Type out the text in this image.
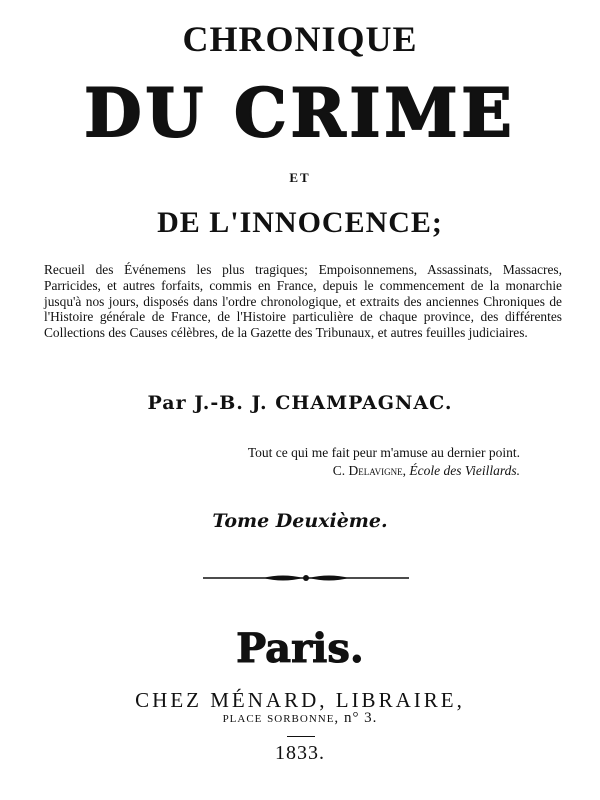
CHRONIQUE
DU CRIME
ET
DE L'INNOCENCE;

Recueil des Événemens les plus tragiques; Empoisonnemens, Assassinats, Massacres, Parricides, et autres forfaits, commis en France, depuis le commencement de la monarchie jusqu'à nos jours, disposés dans l'ordre chronologique, et extraits des anciennes Chroniques de l'Histoire générale de France, de l'Histoire particulière de chaque province, des différentes Collections des Causes célèbres, de la Gazette des Tribunaux, et autres feuilles judiciaires.

Par J.-B. J. CHAMPAGNAC.
Tout ce qui me fait peur m'amuse au dernier point.
C. Delavigne, École des Vieillards.
Tome Deuxième.
Paris.
CHEZ MÉNARD, LIBRAIRE,
place sorbonne, n° 3.
1833.
